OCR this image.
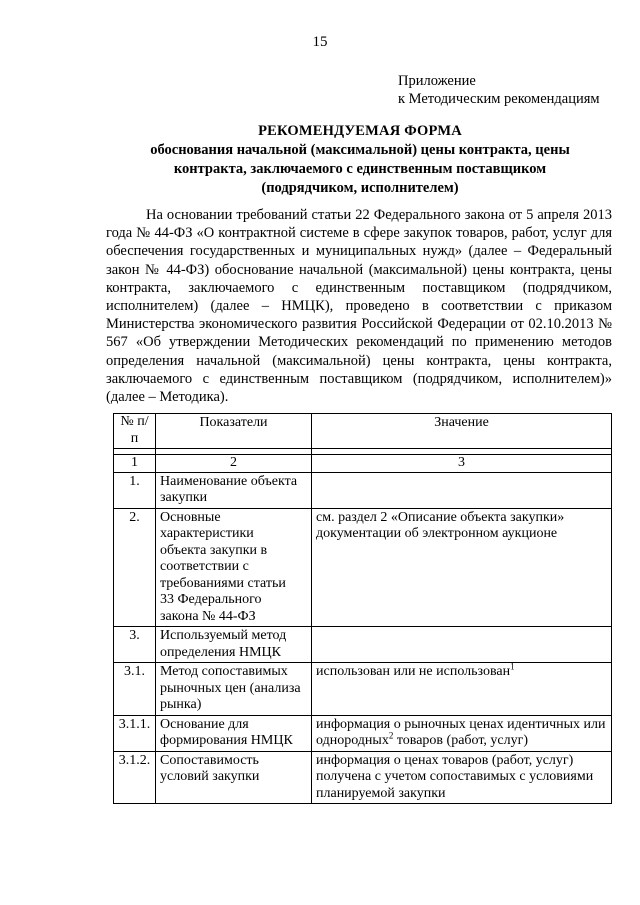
15
Приложение
к Методическим рекомендациям
РЕКОМЕНДУЕМАЯ ФОРМА
обоснования начальной (максимальной) цены контракта, цены
контракта, заключаемого с единственным поставщиком
(подрядчиком, исполнителем)
На основании требований статьи 22 Федерального закона от 5 апреля 2013 года № 44-ФЗ «О контрактной системе в сфере закупок товаров, работ, услуг для обеспечения государственных и муниципальных нужд» (далее – Федеральный закон № 44-ФЗ) обоснование начальной (максимальной) цены контракта, цены контракта, заключаемого с единственным поставщиком (подрядчиком, исполнителем) (далее – НМЦК), проведено в соответствии с приказом Министерства экономического развития Российской Федерации от 02.10.2013 № 567 «Об утверждении Методических рекомендаций по применению методов определения начальной (максимальной) цены контракта, цены контракта, заключаемого с единственным поставщиком (подрядчиком, исполнителем)» (далее – Методика).
№ п/п	Показатели	Значение

1	2	3
1.	Наименование объекта закупки	
2.	Основные характеристики объекта закупки в соответствии с требованиями статьи 33 Федерального закона № 44-ФЗ	см. раздел 2 «Описание объекта закупки» документации об электронном аукционе
3.	Используемый метод определения НМЦК	
3.1.	Метод сопоставимых рыночных цен (анализа рынка)	использован или не использован$^1$
3.1.1.	Основание для формирования НМЦК	информация о рыночных ценах идентичных или однородных$^2$ товаров (работ, услуг)
3.1.2.	Сопоставимость условий закупки	информация о ценах товаров (работ, услуг) получена с учетом сопоставимых с условиями планируемой закупки
